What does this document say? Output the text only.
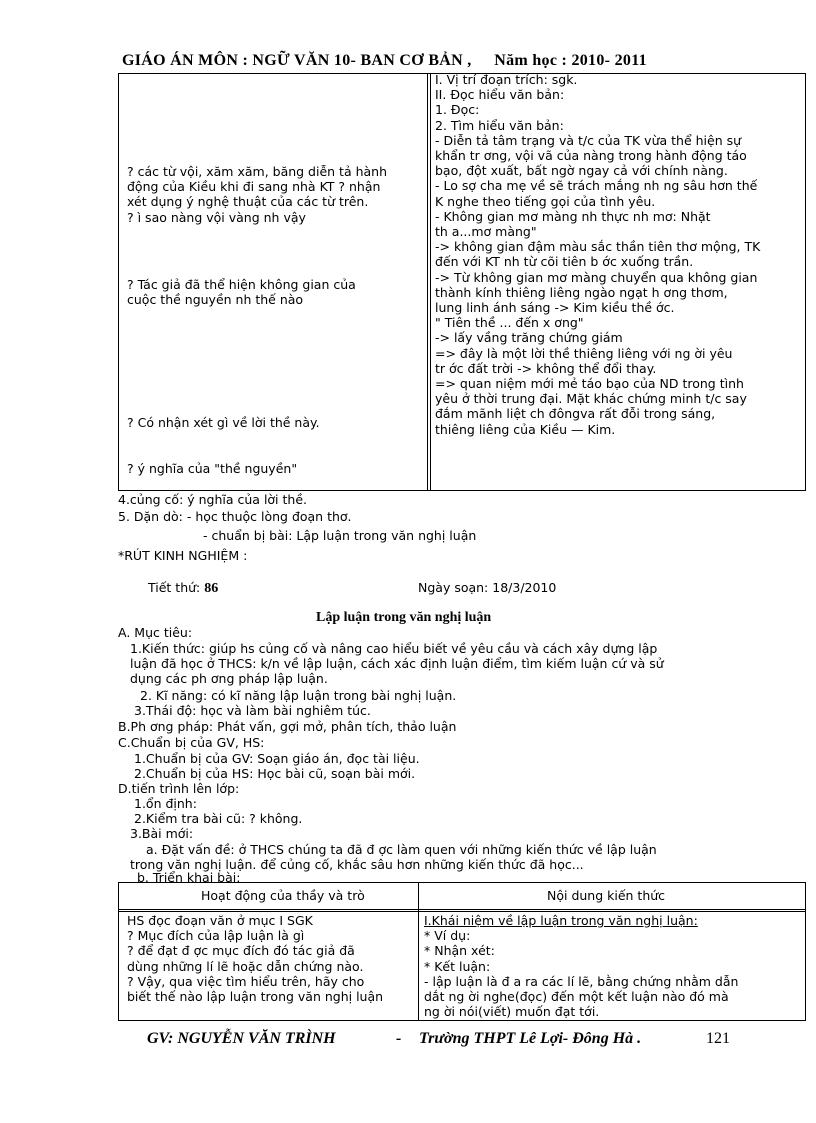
GIÁO ÁN MÔN : NGỮ VĂN 10- BAN CƠ BẢN , Năm học : 2010- 2011
? các từ vội, xăm xăm, băng diễn tả hành
động của Kiều khi đi sang nhà KT ? nhận
xét dụng ý nghệ thuật của các từ trên.
? ì sao nàng vội vàng nh vậy
? Tác giả đã thể hiện không gian của
cuộc thề nguyền nh thế nào
? Có nhận xét gì về lời thề này.
? ý nghĩa của "thề nguyền"
I. Vị trí đoạn trích: sgk.
II. Đọc hiểu văn bản:
1. Đọc:
2. Tìm hiểu văn bản:
- Diễn tả tâm trạng và t/c của TK vừa thể hiện sự
khẩn tr ơng, vội vã của nàng trong hành động táo
bạo, đột xuất, bất ngờ ngay cả với chính nàng.
- Lo sợ cha mẹ về sẽ trách mắng nh ng sâu hơn thế
K nghe theo tiếng gọi của tình yêu.
- Không gian mơ màng nh thực nh mơ: Nhặt
th a...mơ màng"
-> không gian đậm màu sắc thần tiên thơ mộng, TK
đến với KT nh từ cõi tiên b ớc xuống trần.
-> Từ không gian mơ màng chuyển qua không gian
thành kính thiêng liêng ngào ngạt h ơng thơm,
lung linh ánh sáng -> Kim kiều thề ớc.
" Tiên thề ... đến x ơng"
-> lấy vầng trăng chứng giám
=> đây là một lời thề thiêng liêng với ng ời yêu
tr ớc đất trời -> không thể đổi thay.
=> quan niệm mới mẻ táo bạo của ND trong tình
yêu ở thời trung đại. Mặt khác chứng minh t/c say
đắm mãnh liệt ch đôngva rất đỗi trong sáng,
thiêng liêng của Kiều — Kim.
4.củng cố: ý nghĩa của lời thề.
5. Dặn dò: - học thuộc lòng đoạn thơ.
- chuẩn bị bài: Lập luận trong văn nghị luận
*RÚT KINH NGHIỆM :
Tiết thứ: 86	Ngày soạn: 18/3/2010
Lập luận trong văn nghị luận
A. Mục tiêu:
1.Kiến thức: giúp hs củng cố và nâng cao hiểu biết về yêu cầu và cách xây dựng lập
luận đã học ở THCS: k/n về lập luận, cách xác định luận điểm, tìm kiếm luận cứ và sử
dụng các ph ơng pháp lập luận.
2. Kĩ năng: có kĩ năng lập luận trong bài nghị luận.
3.Thái độ: học và làm bài nghiêm túc.
B.Ph ơng pháp: Phát vấn, gợi mở, phân tích, thảo luận
C.Chuẩn bị của GV, HS:
1.Chuẩn bị của GV: Soạn giáo án, đọc tài liệu.
2.Chuẩn bị của HS: Học bài cũ, soạn bài mới.
D.tiến trình lên lớp:
1.ổn định:
2.Kiểm tra bài cũ: ? không.
3.Bài mới:
a. Đặt vấn đề: ở THCS chúng ta đã đ ợc làm quen với những kiến thức về lập luận
trong văn nghị luận. để củng cố, khắc sâu hơn những kiến thức đã học...
b. Triển khai bài:
Hoạt động của thầy và trò	Nội dung kiến thức
HS đọc đoạn văn ở mục I SGK
? Mục đích của lập luận là gì
? để đạt đ ợc mục đích đó tác giả đã
dùng những lí lẽ hoặc dẫn chứng nào.
? Vậy, qua việc tìm hiểu trên, hãy cho
biết thế nào lập luận trong văn nghị luận
I.Khái niệm về lập luận trong văn nghị luận:
* Ví dụ:
* Nhận xét:
* Kết luận:
- lập luận là đ a ra các lí lẽ, bằng chứng nhằm dẫn
dắt ng ời nghe(đọc) đến một kết luận nào đó mà
ng ời nói(viết) muốn đạt tới.
GV: NGUYỄN VĂN TRÌNH	- Trường THPT Lê Lợi- Đông Hà .	121
